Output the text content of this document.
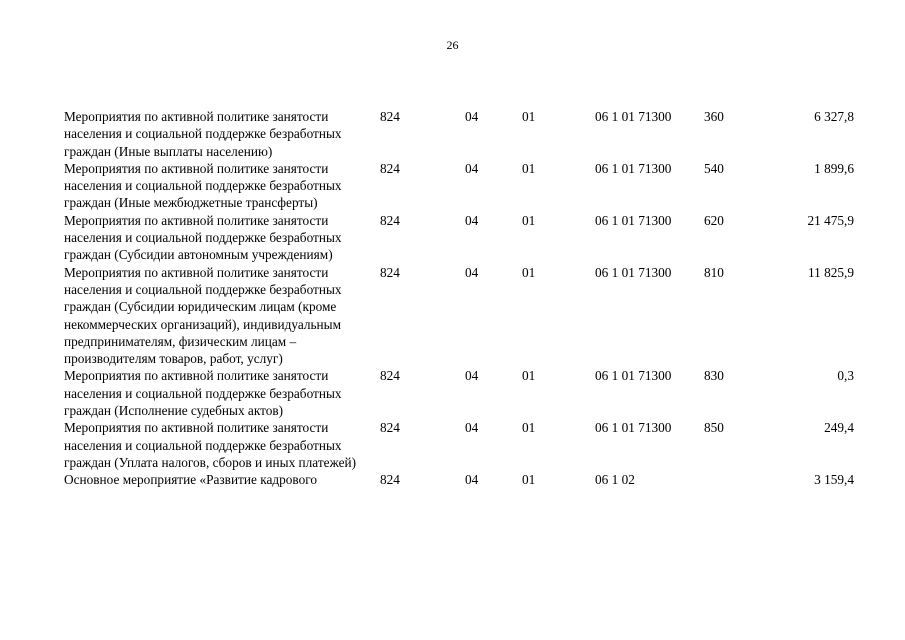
26
Мероприятия по активной политике занятости населения и социальной поддержке безработных граждан (Иные выплаты населению)	824	04	01	06 1 01 71300	360	6 327,8
Мероприятия по активной политике занятости населения и социальной поддержке безработных граждан (Иные межбюджетные трансферты)	824	04	01	06 1 01 71300	540	1 899,6
Мероприятия по активной политике занятости населения и социальной поддержке безработных граждан (Субсидии автономным учреждениям)	824	04	01	06 1 01 71300	620	21 475,9
Мероприятия по активной политике занятости населения и социальной поддержке безработных граждан (Субсидии юридическим лицам (кроме некоммерческих организаций), индивидуальным предпринимателям, физическим лицам – производителям товаров, работ, услуг)	824	04	01	06 1 01 71300	810	11 825,9
Мероприятия по активной политике занятости населения и социальной поддержке безработных граждан (Исполнение судебных актов)	824	04	01	06 1 01 71300	830	0,3
Мероприятия по активной политике занятости населения и социальной поддержке безработных граждан (Уплата налогов, сборов и иных платежей)	824	04	01	06 1 01 71300	850	249,4
Основное мероприятие «Развитие кадрового	824	04	01	06 1 02		3 159,4
